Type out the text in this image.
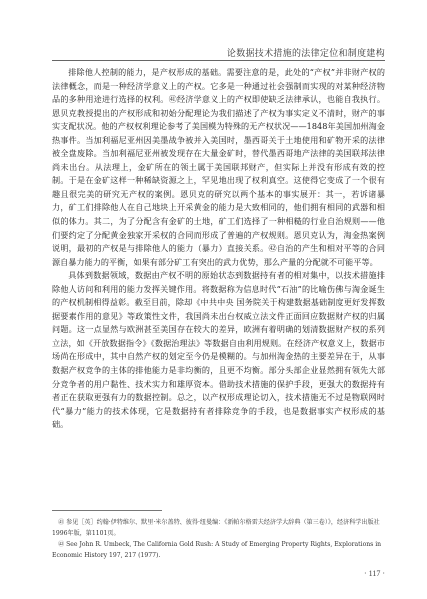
论数据技术措施的法律定位和制度建构

排除他人控制的能力，是产权形成的基础。需要注意的是，此处的“产权”并非财产权的法律概念，而是一种经济学意义上的产权。它多是一种通过社会强制而实现的对某种经济物品的多种用途进行选择的权利。㊶经济学意义上的产权即使缺乏法律承认，也能自我执行。恩贝克教授提出的产权形成和初始分配理论为我们描述了产权为事实定义不清时，财产的事实支配状况。他的产权权利理论参考了美国模为特殊的无产权状况——1848年美国加州淘金热事件。当加利福尼亚州因美墨战争被并入美国时，墨西哥关于土地使用和矿物开采的法律被全盘废除。当加利福尼亚州被发现存在大量金矿时，替代墨西哥地产法律的美国联邦法律尚未出台。从法理上，金矿所在的领土属于美国联邦财产，但实际上并没有形成有效的控制。于是在金矿这样一种稀缺资源之上，罕见地出现了权利真空。这使得它变成了一个很有趣且很完美的研究无产权的案例。恩贝克的研究以两个基本的事实展开：其一，若诉诸暴力，矿工们排除他人在自己地块上开采黄金的能力是大致相同的，他们拥有相同的武器和相似的体力。其二，为了分配含有金矿的土地，矿工们选择了一种相糙的行业自治规则——他们要约定了分配黄金独家开采权的合同而形成了普遍的产权规则。恩贝克认为，淘金热案例说明，最初的产权是与排除他人的能力（暴力）直接关系。㊷自治的产生和相对平等的合同源自暴力能力的平衡，如果有部分矿工有突出的武力优势，那么产量的分配就不可能平等。

具体到数据领域，数据由产权不明的原始状态到数据持有者的相对集中，以技术措施排除他人访问和利用的能力发挥关键作用。将数据称为信息时代“石油”的比喻伤佛与淘金诞生的产权机制相得益彰。截至目前，除却《中共中央 国务院关于构建数据基础制度更好发挥数据要素作用的意见》等政策性文件，我国尚未出台权威立法文件正面回应数据财产权的归属问题。这一点显然与欧洲甚至美国存在较大的差异，欧洲有着明确的划清数据财产权的系列立法，如《开放数据指令》《数据治理法》等数据自由利用规则。在经济产权意义上，数据市场尚在形成中，其中自然产权的划定至今仍是模糊的。与加州淘金热的主要差异在于，从事数据产权竞争的主体的排他能力是非均衡的，且更不均衡。部分头部企业显然拥有领先大部分竞争者的用户黏性、技术实力和雄厚资本。借助技术措施的保护手段，更强大的数据持有者正在获取更强有力的数据控制。总之，以产权形成理论切入，技术措施无不过是物联网时代“暴力”能力的技术体现，它是数据持有者排除竞争的手段，也是数据事实产权形成的基础。

㊶ 参见［英］约翰·伊特维尔、默里·米尔盖特、彼得·纽曼编：《新帕尔格雷夫经济学大辞典（第三卷）》，经济科学出版社1996年版，第1101页。

㊷ See John R. Umbeck, The California Gold Rush: A Study of Emerging Property Rights, Explorations in Economic History 197, 217 (1977).

· 117 ·
